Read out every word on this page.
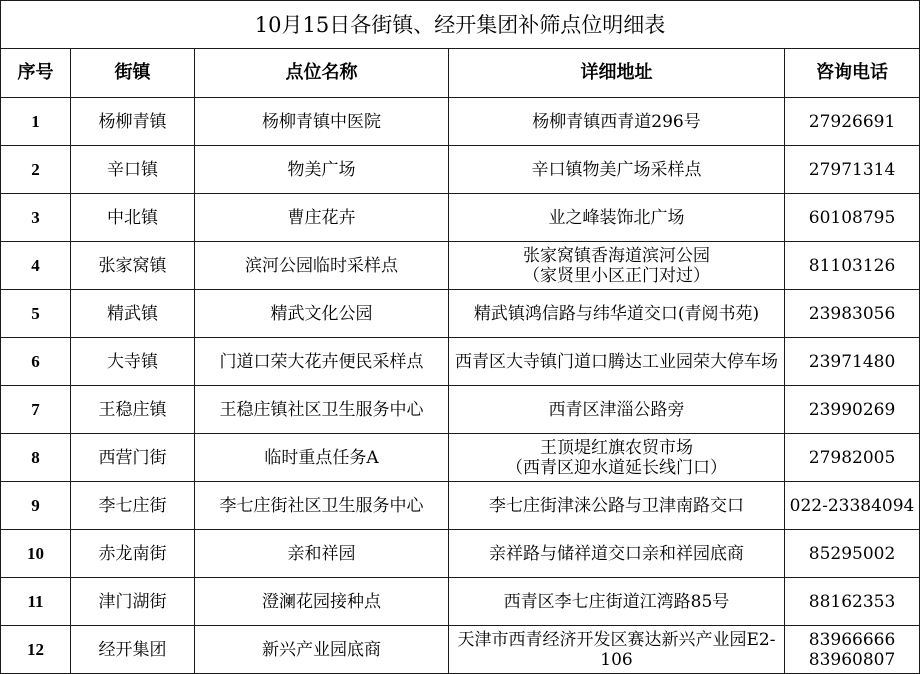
10月15日各街镇、经开集团补筛点位明细表				
序号	街镇	点位名称	详细地址	咨询电话
1	杨柳青镇	杨柳青镇中医院	杨柳青镇西青道296号	27926691

2	辛口镇	物美广场	辛口镇物美广场采样点	27971314

3	中北镇	曹庄花卉	业之峰装饰北广场	60108795

4	张家窝镇	滨河公园临时采样点	张家窝镇香海道滨河公园
（家贤里小区正门对过）	81103126

5	精武镇	精武文化公园	精武镇鸿信路与纬华道交口(青阅书苑)	23983056

6	大寺镇	门道口荣大花卉便民采样点	西青区大寺镇门道口腾达工业园荣大停车场	23971480

7	王稳庄镇	王稳庄镇社区卫生服务中心	西青区津淄公路旁	23990269

8	西营门街	临时重点任务A	王顶堤红旗农贸市场
（西青区迎水道延长线门口）	27982005

9	李七庄街	李七庄街社区卫生服务中心	李七庄街津涞公路与卫津南路交口	022-23384094

10	赤龙南街	亲和祥园	亲祥路与储祥道交口亲和祥园底商	85295002

11	津门湖街	澄澜花园接种点	西青区李七庄街道江湾路85号	88162353

12	经开集团	新兴产业园底商	天津市西青经济开发区赛达新兴产业园E2-
106	83966666
83960807
